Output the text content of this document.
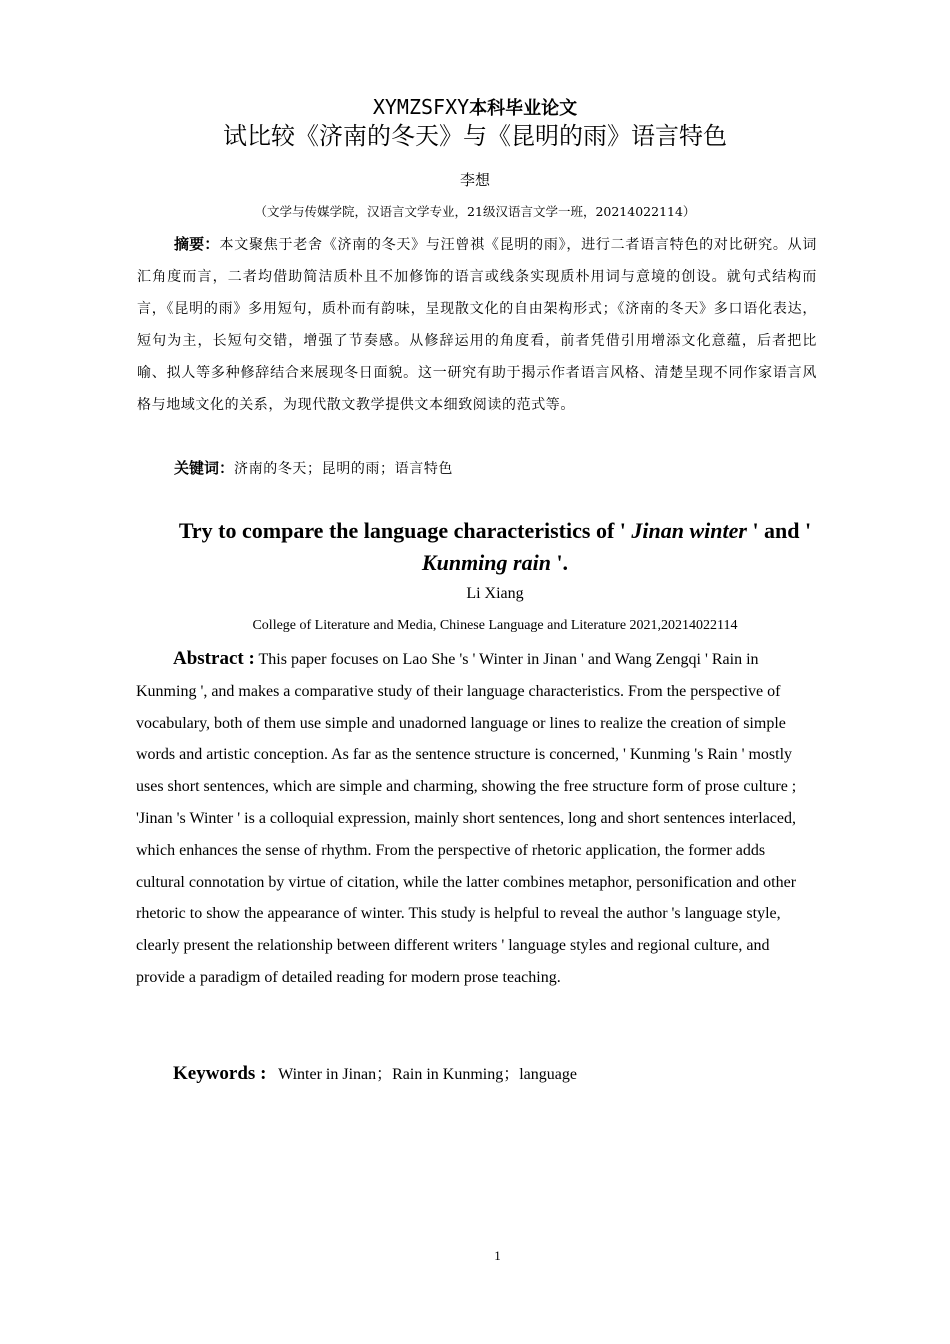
XYMZSFXY本科毕业论文
试比较《济南的冬天》与《昆明的雨》语言特色
李想
（文学与传媒学院，汉语言文学专业，21级汉语言文学一班，20214022114）

摘要：本文聚焦于老舍《济南的冬天》与汪曾祺《昆明的雨》，进行二者语言特色的对比研究。从词汇角度而言，二者均借助简洁质朴且不加修饰的语言或线条实现质朴用词与意境的创设。就句式结构而言，《昆明的雨》多用短句，质朴而有韵味，呈现散文化的自由架构形式；《济南的冬天》多口语化表达，短句为主，长短句交错，增强了节奏感。从修辞运用的角度看，前者凭借引用增添文化意蕴，后者把比喻、拟人等多种修辞结合来展现冬日面貌。这一研究有助于揭示作者语言风格、清楚呈现不同作家语言风格与地域文化的关系，为现代散文教学提供文本细致阅读的范式等。

关键词：济南的冬天；昆明的雨；语言特色

Try to compare the language characteristics of ' Jinan winter ' and ' Kunming rain '.
Li Xiang
College of Literature and Media, Chinese Language and Literature 2021,20214022114

Abstract : This paper focuses on Lao She 's ' Winter in Jinan ' and Wang Zengqi ' Rain in Kunming ', and makes a comparative study of their language characteristics. From the perspective of vocabulary, both of them use simple and unadorned language or lines to realize the creation of simple words and artistic conception. As far as the sentence structure is concerned, ' Kunming 's Rain ' mostly uses short sentences, which are simple and charming, showing the free structure form of prose culture ; 'Jinan 's Winter ' is a colloquial expression, mainly short sentences, long and short sentences interlaced, which enhances the sense of rhythm. From the perspective of rhetoric application, the former adds cultural connotation by virtue of citation, while the latter combines metaphor, personification and other rhetoric to show the appearance of winter. This study is helpful to reveal the author 's language style, clearly present the relationship between different writers ' language styles and regional culture, and provide a paradigm of detailed reading for modern prose teaching.

Keywords : Winter in Jinan；Rain in Kunming；language

1
